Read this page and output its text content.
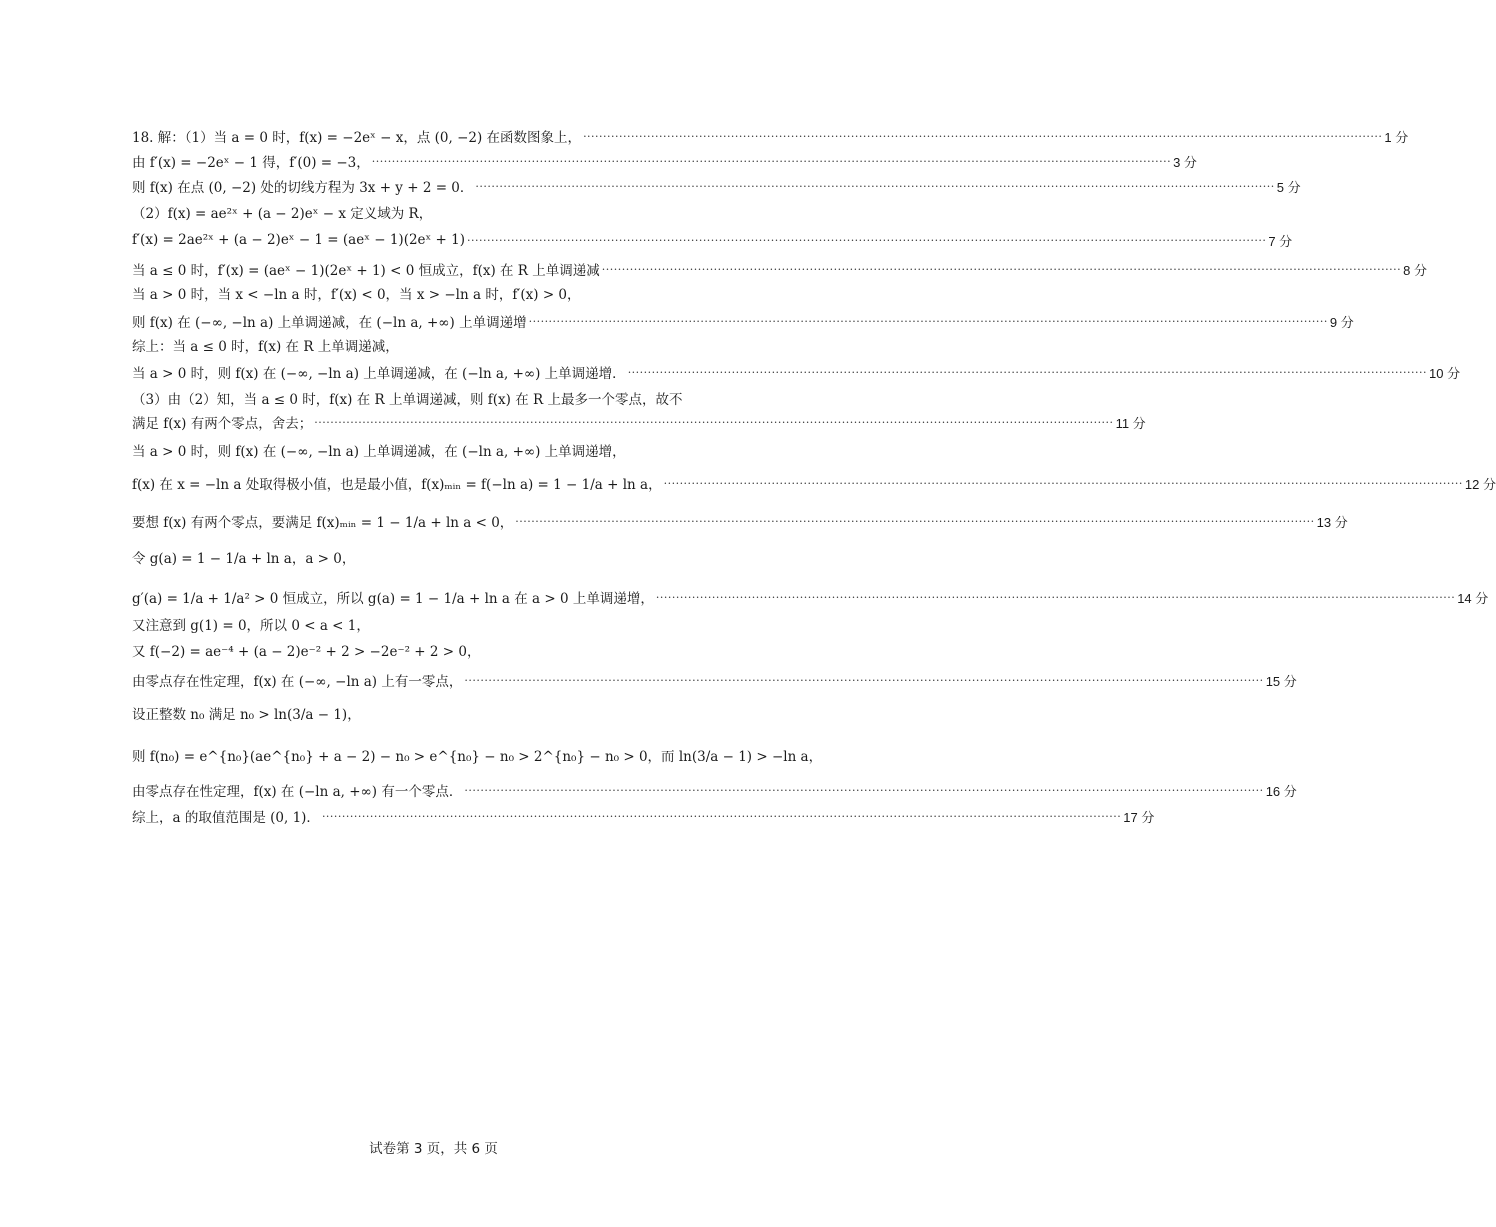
18. 解：（1）当 a = 0 时，f(x) = −2eˣ − x，点 (0, −2) 在函数图象上， ········································································································································································································ 1 分
由 f′(x) = −2eˣ − 1 得，f′(0) = −3， ········································································································································································································ 3 分
则 f(x) 在点 (0, −2) 处的切线方程为 3x + y + 2 = 0． ········································································································································································································ 5 分
（2）f(x) = ae²ˣ + (a − 2)eˣ − x 定义域为 R，
f′(x) = 2ae²ˣ + (a − 2)eˣ − 1 = (aeˣ − 1)(2eˣ + 1) ········································································································································································································ 7 分
当 a ≤ 0 时，f′(x) = (aeˣ − 1)(2eˣ + 1) < 0 恒成立，f(x) 在 R 上单调递减 ········································································································································································································ 8 分
当 a > 0 时，当 x < −ln a 时，f′(x) < 0，当 x > −ln a 时，f′(x) > 0，
则 f(x) 在 (−∞, −ln a) 上单调递减，在 (−ln a, +∞) 上单调递增 ········································································································································································································ 9 分
综上：当 a ≤ 0 时，f(x) 在 R 上单调递减，
当 a > 0 时，则 f(x) 在 (−∞, −ln a) 上单调递减，在 (−ln a, +∞) 上单调递增． ········································································································································································································ 10 分
（3）由（2）知，当 a ≤ 0 时，f(x) 在 R 上单调递减，则 f(x) 在 R 上最多一个零点，故不
满足 f(x) 有两个零点，舍去； ········································································································································································································ 11 分
当 a > 0 时，则 f(x) 在 (−∞, −ln a) 上单调递减，在 (−ln a, +∞) 上单调递增，
f(x) 在 x = −ln a 处取得极小值，也是最小值，f(x)ₘᵢₙ = f(−ln a) = 1 − 1/a + ln a， ········································································································································································································ 12 分
要想 f(x) 有两个零点，要满足 f(x)ₘᵢₙ = 1 − 1/a + ln a < 0， ········································································································································································································ 13 分
令 g(a) = 1 − 1/a + ln a，a > 0，
g′(a) = 1/a + 1/a² > 0 恒成立，所以 g(a) = 1 − 1/a + ln a 在 a > 0 上单调递增， ········································································································································································································ 14 分
又注意到 g(1) = 0，所以 0 < a < 1，
又 f(−2) = ae⁻⁴ + (a − 2)e⁻² + 2 > −2e⁻² + 2 > 0，
由零点存在性定理，f(x) 在 (−∞, −ln a) 上有一零点， ········································································································································································································ 15 分
设正整数 n₀ 满足 n₀ > ln(3/a − 1)，
则 f(n₀) = e^{n₀}(ae^{n₀} + a − 2) − n₀ > e^{n₀} − n₀ > 2^{n₀} − n₀ > 0，而 ln(3/a − 1) > −ln a，
由零点存在性定理，f(x) 在 (−ln a, +∞) 有一个零点． ········································································································································································································ 16 分
综上，a 的取值范围是 (0, 1)． ········································································································································································································ 17 分
试卷第 3 页，共 6 页
